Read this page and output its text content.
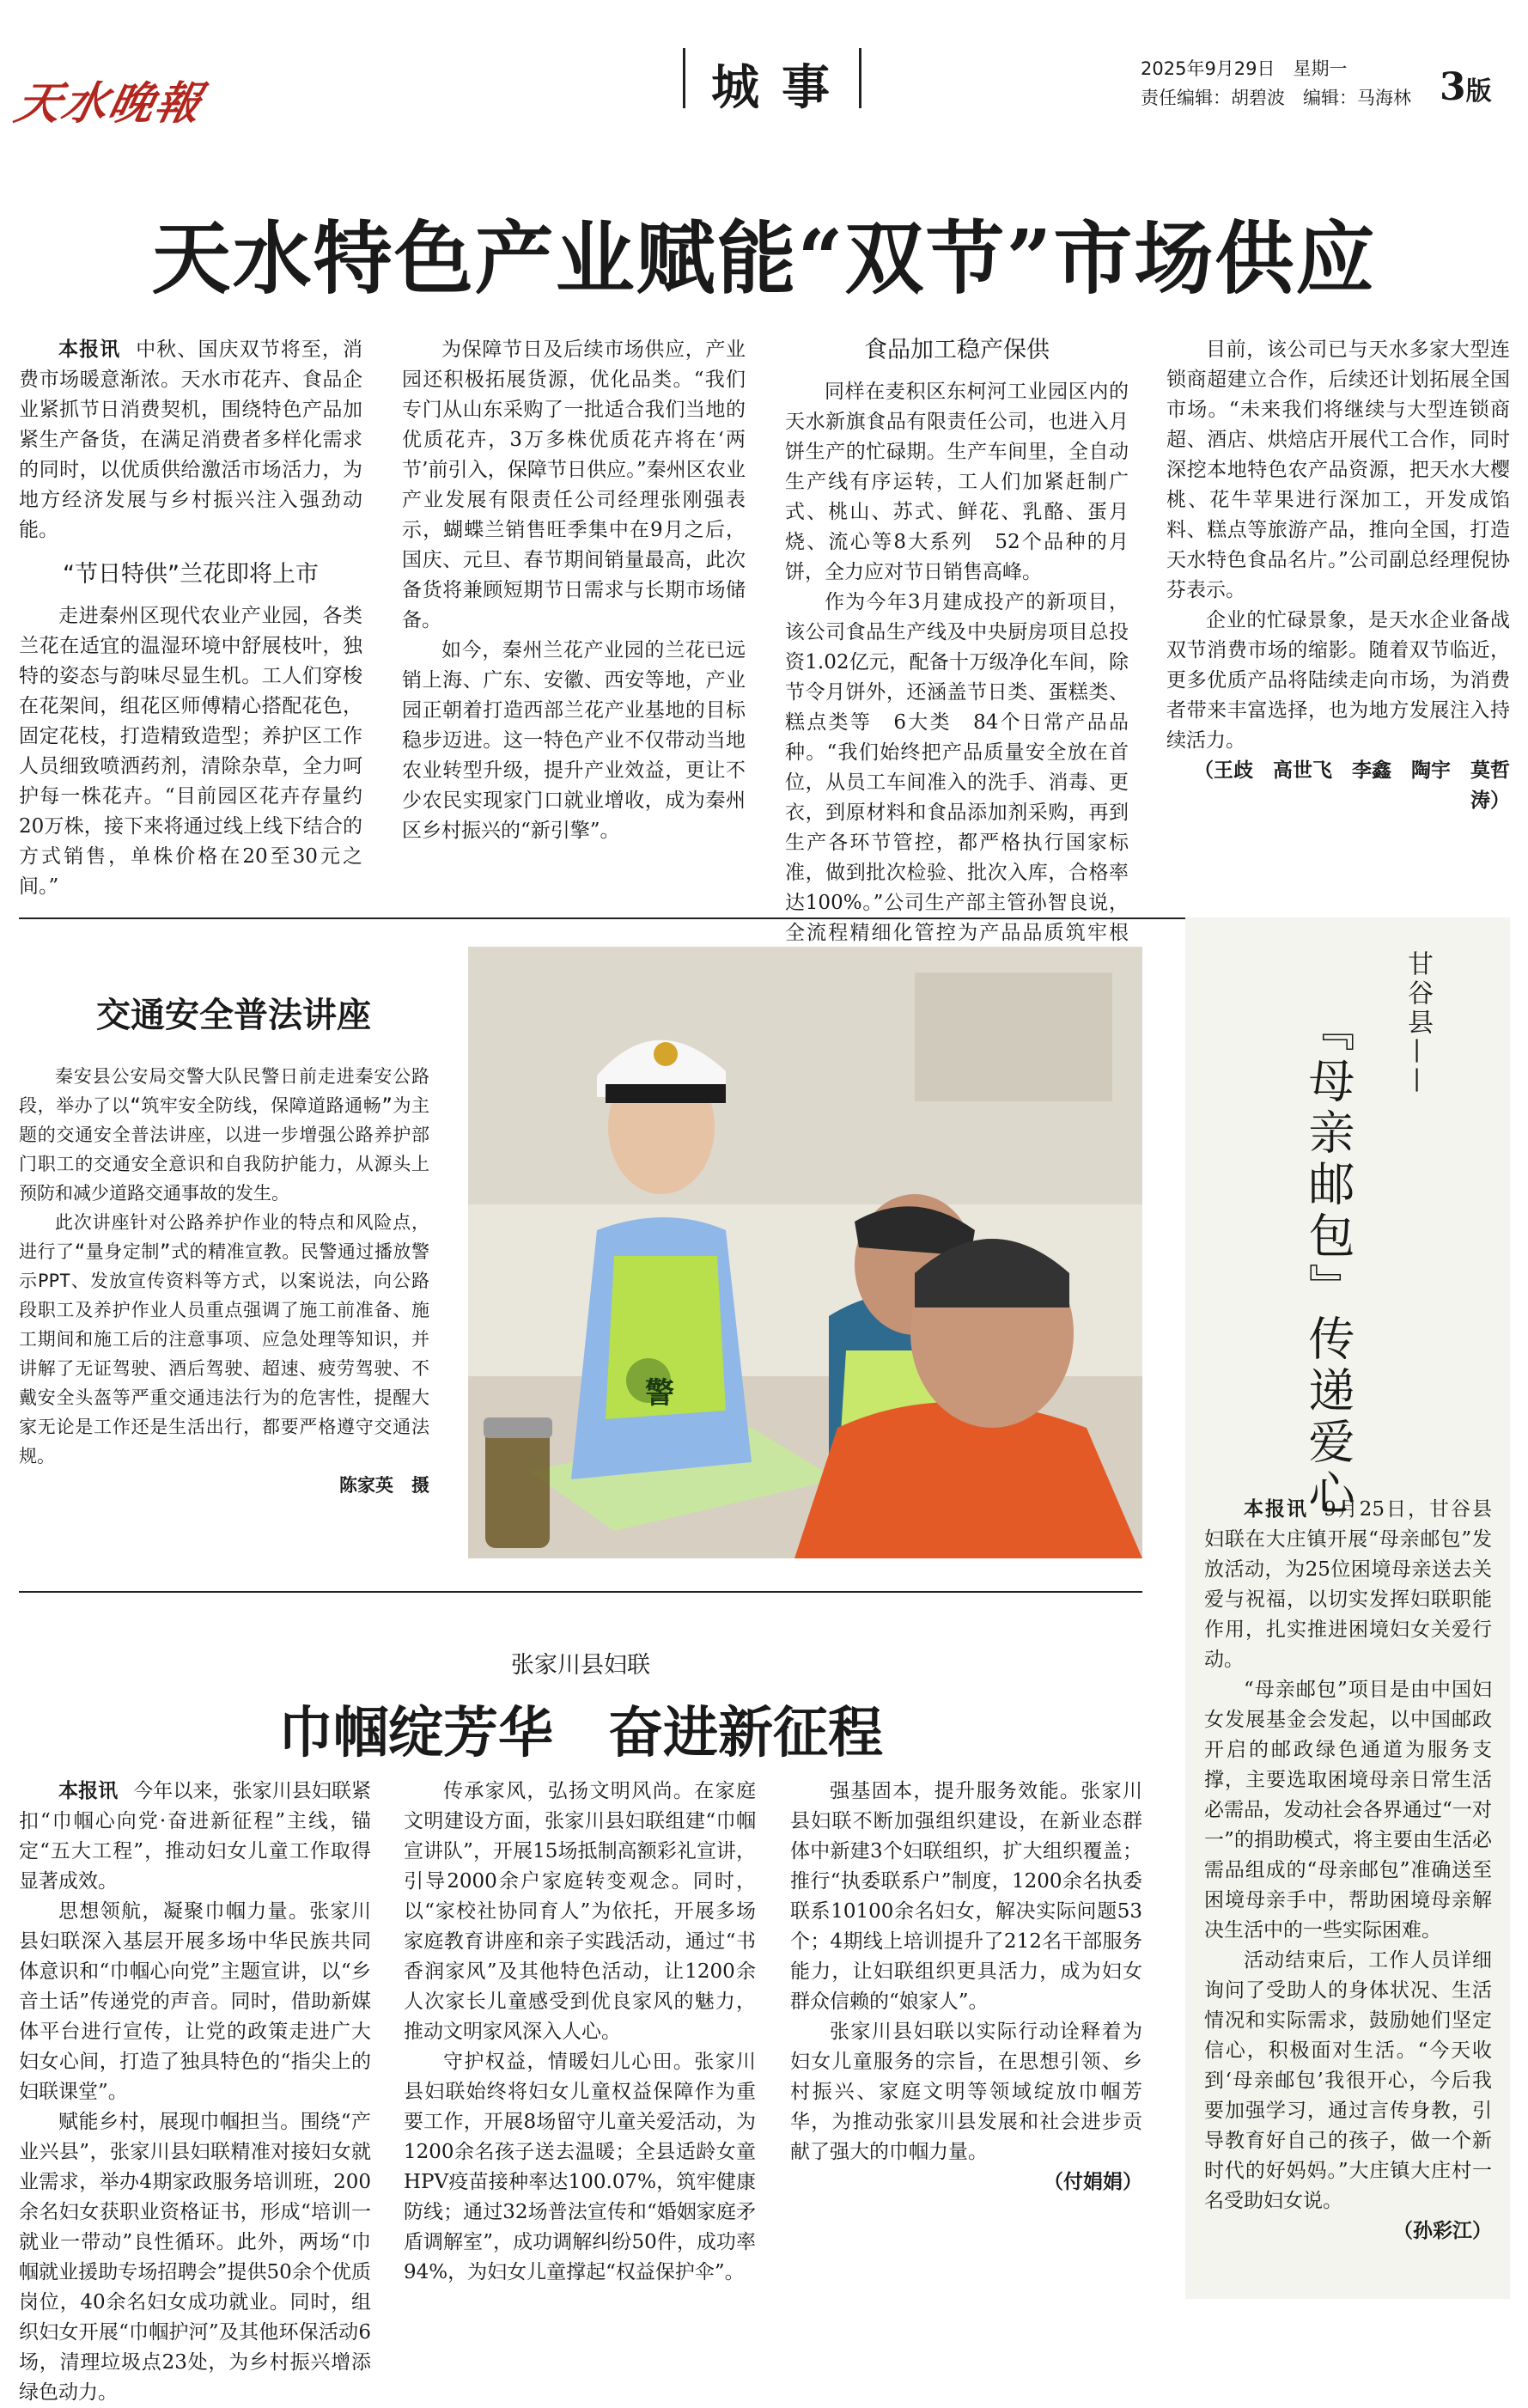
天水晚報	城事	2025年9月29日　星期一
责任编辑：胡碧波　编辑：马海林 3版
天水特色产业赋能“双节”市场供应

本报讯 中秋、国庆双节将至，消费市场暖意渐浓。天水市花卉、食品企业紧抓节日消费契机，围绕特色产品加紧生产备货，在满足消费者多样化需求的同时，以优质供给激活市场活力，为地方经济发展与乡村振兴注入强劲动能。

“节日特供”兰花即将上市

走进秦州区现代农业产业园，各类兰花在适宜的温湿环境中舒展枝叶，独特的姿态与韵味尽显生机。工人们穿梭在花架间，组花区师傅精心搭配花色，固定花枝，打造精致造型；养护区工作人员细致喷洒药剂，清除杂草，全力呵护每一株花卉。“目前园区花卉存量约20万株，接下来将通过线上线下结合的方式销售，单株价格在20至30元之间。”

为保障节日及后续市场供应，产业园还积极拓展货源，优化品类。“我们专门从山东采购了一批适合我们当地的优质花卉，3万多株优质花卉将在‘两节’前引入，保障节日供应。”秦州区农业产业发展有限责任公司经理张刚强表示，蝴蝶兰销售旺季集中在9月之后，国庆、元旦、春节期间销量最高，此次备货将兼顾短期节日需求与长期市场储备。

如今，秦州兰花产业园的兰花已远销上海、广东、安徽、西安等地，产业园正朝着打造西部兰花产业基地的目标稳步迈进。这一特色产业不仅带动当地农业转型升级，提升产业效益，更让不少农民实现家门口就业增收，成为秦州区乡村振兴的“新引擎”。

食品加工稳产保供

同样在麦积区东柯河工业园区内的天水新旗食品有限责任公司，也进入月饼生产的忙碌期。生产车间里，全自动生产线有序运转，工人们加紧赶制广式、桃山、苏式、鲜花、乳酪、蛋月烧、流心等8大系列　52个品种的月饼，全力应对节日销售高峰。

作为今年3月建成投产的新项目，该公司食品生产线及中央厨房项目总投资1.02亿元，配备十万级净化车间，除节令月饼外，还涵盖节日类、蛋糕类、糕点类等　6大类　84个日常产品品种。“我们始终把产品质量安全放在首位，从员工车间准入的洗手、消毒、更衣，到原材料和食品添加剂采购，再到生产各环节管控，都严格执行国家标准，做到批次检验、批次入库，合格率达100%。”公司生产部主管孙智良说，全流程精细化管控为产品品质筑牢根

目前，该公司已与天水多家大型连锁商超建立合作，后续还计划拓展全国市场。“未来我们将继续与大型连锁商超、酒店、烘焙店开展代工合作，同时深挖本地特色农产品资源，把天水大樱桃、花牛苹果进行深加工，开发成馅料、糕点等旅游产品，推向全国，打造天水特色食品名片。”公司副总经理倪协芬表示。

企业的忙碌景象，是天水企业备战双节消费市场的缩影。随着双节临近，更多优质产品将陆续走向市场，为消费者带来丰富选择，也为地方发展注入持续活力。

（王歧　高世飞　李鑫　陶宇　莫哲涛）

交通安全普法讲座

秦安县公安局交警大队民警日前走进秦安公路段，举办了以“筑牢安全防线，保障道路通畅”为主题的交通安全普法讲座，以进一步增强公路养护部门职工的交通安全意识和自我防护能力，从源头上预防和减少道路交通事故的发生。

此次讲座针对公路养护作业的特点和风险点，进行了“量身定制”式的精准宣教。民警通过播放警示PPT、发放宣传资料等方式，以案说法，向公路段职工及养护作业人员重点强调了施工前准备、施工期间和施工后的注意事项、应急处理等知识，并讲解了无证驾驶、酒后驾驶、超速、疲劳驾驶、不戴安全头盔等严重交通违法行为的危害性，提醒大家无论是工作还是生活出行，都要严格遵守交通法规。

陈家英　摄

警
甘谷县——
『母亲邮包』传递爱心

本报讯 9月25日，甘谷县妇联在大庄镇开展“母亲邮包”发放活动，为25位困境母亲送去关爱与祝福，以切实发挥妇联职能作用，扎实推进困境妇女关爱行动。

“母亲邮包”项目是由中国妇女发展基金会发起，以中国邮政开启的邮政绿色通道为服务支撑，主要选取困境母亲日常生活必需品，发动社会各界通过“一对一”的捐助模式，将主要由生活必需品组成的“母亲邮包”准确送至困境母亲手中，帮助困境母亲解决生活中的一些实际困难。

活动结束后，工作人员详细询问了受助人的身体状况、生活情况和实际需求，鼓励她们坚定信心，积极面对生活。“今天收到‘母亲邮包’我很开心，今后我要加强学习，通过言传身教，引导教育好自己的孩子，做一个新时代的好妈妈。”大庄镇大庄村一名受助妇女说。

（孙彩江）

张家川县妇联
巾帼绽芳华　奋进新征程

本报讯 今年以来，张家川县妇联紧扣“巾帼心向党·奋进新征程”主线，锚定“五大工程”，推动妇女儿童工作取得显著成效。

思想领航，凝聚巾帼力量。张家川县妇联深入基层开展多场中华民族共同体意识和“巾帼心向党”主题宣讲，以“乡音土话”传递党的声音。同时，借助新媒体平台进行宣传，让党的政策走进广大妇女心间，打造了独具特色的“指尖上的妇联课堂”。

赋能乡村，展现巾帼担当。围绕“产业兴县”，张家川县妇联精准对接妇女就业需求，举办4期家政服务培训班，200余名妇女获职业资格证书，形成“培训一就业一带动”良性循环。此外，两场“巾帼就业援助专场招聘会”提供50余个优质岗位，40余名妇女成功就业。同时，组织妇女开展“巾帼护河”及其他环保活动6场，清理垃圾点23处，为乡村振兴增添绿色动力。

传承家风，弘扬文明风尚。在家庭文明建设方面，张家川县妇联组建“巾帼宣讲队”，开展15场抵制高额彩礼宣讲，引导2000余户家庭转变观念。同时，以“家校社协同育人”为依托，开展多场家庭教育讲座和亲子实践活动，通过“书香润家风”及其他特色活动，让1200余人次家长儿童感受到优良家风的魅力，推动文明家风深入人心。

守护权益，情暖妇儿心田。张家川县妇联始终将妇女儿童权益保障作为重要工作，开展8场留守儿童关爱活动，为1200余名孩子送去温暖；全县适龄女童HPV疫苗接种率达100.07%，筑牢健康防线；通过32场普法宣传和“婚姻家庭矛盾调解室”，成功调解纠纷50件，成功率94%，为妇女儿童撑起“权益保护伞”。

强基固本，提升服务效能。张家川县妇联不断加强组织建设，在新业态群体中新建3个妇联组织，扩大组织覆盖；推行“执委联系户”制度，1200余名执委联系10100余名妇女，解决实际问题53个；4期线上培训提升了212名干部服务能力，让妇联组织更具活力，成为妇女群众信赖的“娘家人”。

张家川县妇联以实际行动诠释着为妇女儿童服务的宗旨，在思想引领、乡村振兴、家庭文明等领域绽放巾帼芳华，为推动张家川县发展和社会进步贡献了强大的巾帼力量。

（付娟娟）
